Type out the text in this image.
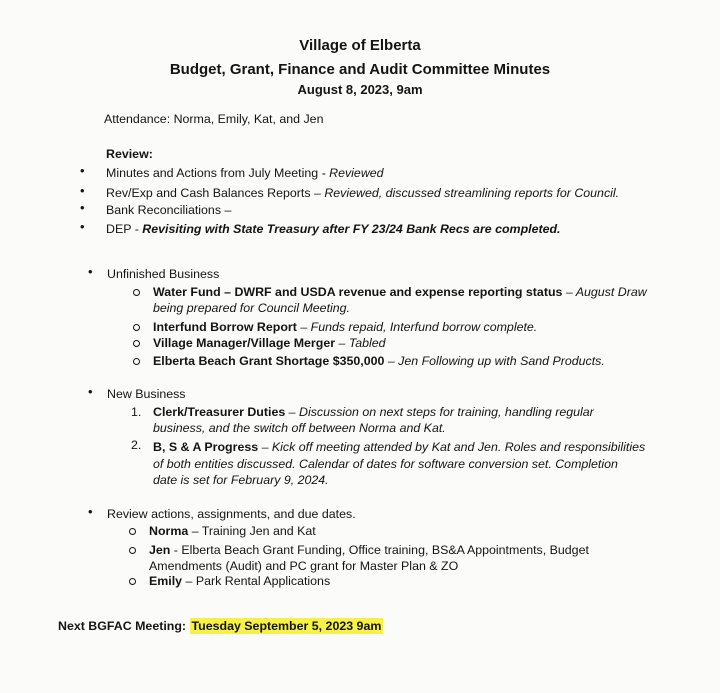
Village of Elberta
Budget, Grant, Finance and Audit Committee Minutes
August 8, 2023, 9am
Attendance: Norma, Emily, Kat, and Jen
Review:
• Minutes and Actions from July Meeting - Reviewed
• Rev/Exp and Cash Balances Reports – Reviewed, discussed streamlining reports for Council.
• Bank Reconciliations –
• DEP - Revisiting with State Treasury after FY 23/24 Bank Recs are completed.
• Unfinished Business
Water Fund – DWRF and USDA revenue and expense reporting status – August Draw
being prepared for Council Meeting.
Interfund Borrow Report – Funds repaid, Interfund borrow complete.
Village Manager/Village Merger – Tabled
Elberta Beach Grant Shortage $350,000 – Jen Following up with Sand Products.
• New Business
1. Clerk/Treasurer Duties – Discussion on next steps for training, handling regular
business, and the switch off between Norma and Kat.
2. B, S & A Progress – Kick off meeting attended by Kat and Jen. Roles and responsibilities
of both entities discussed. Calendar of dates for software conversion set. Completion
date is set for February 9, 2024.
• Review actions, assignments, and due dates.
Norma – Training Jen and Kat
Jen - Elberta Beach Grant Funding, Office training, BS&A Appointments, Budget
Amendments (Audit) and PC grant for Master Plan & ZO
Emily – Park Rental Applications
Next BGFAC Meeting: Tuesday September 5, 2023 9am
